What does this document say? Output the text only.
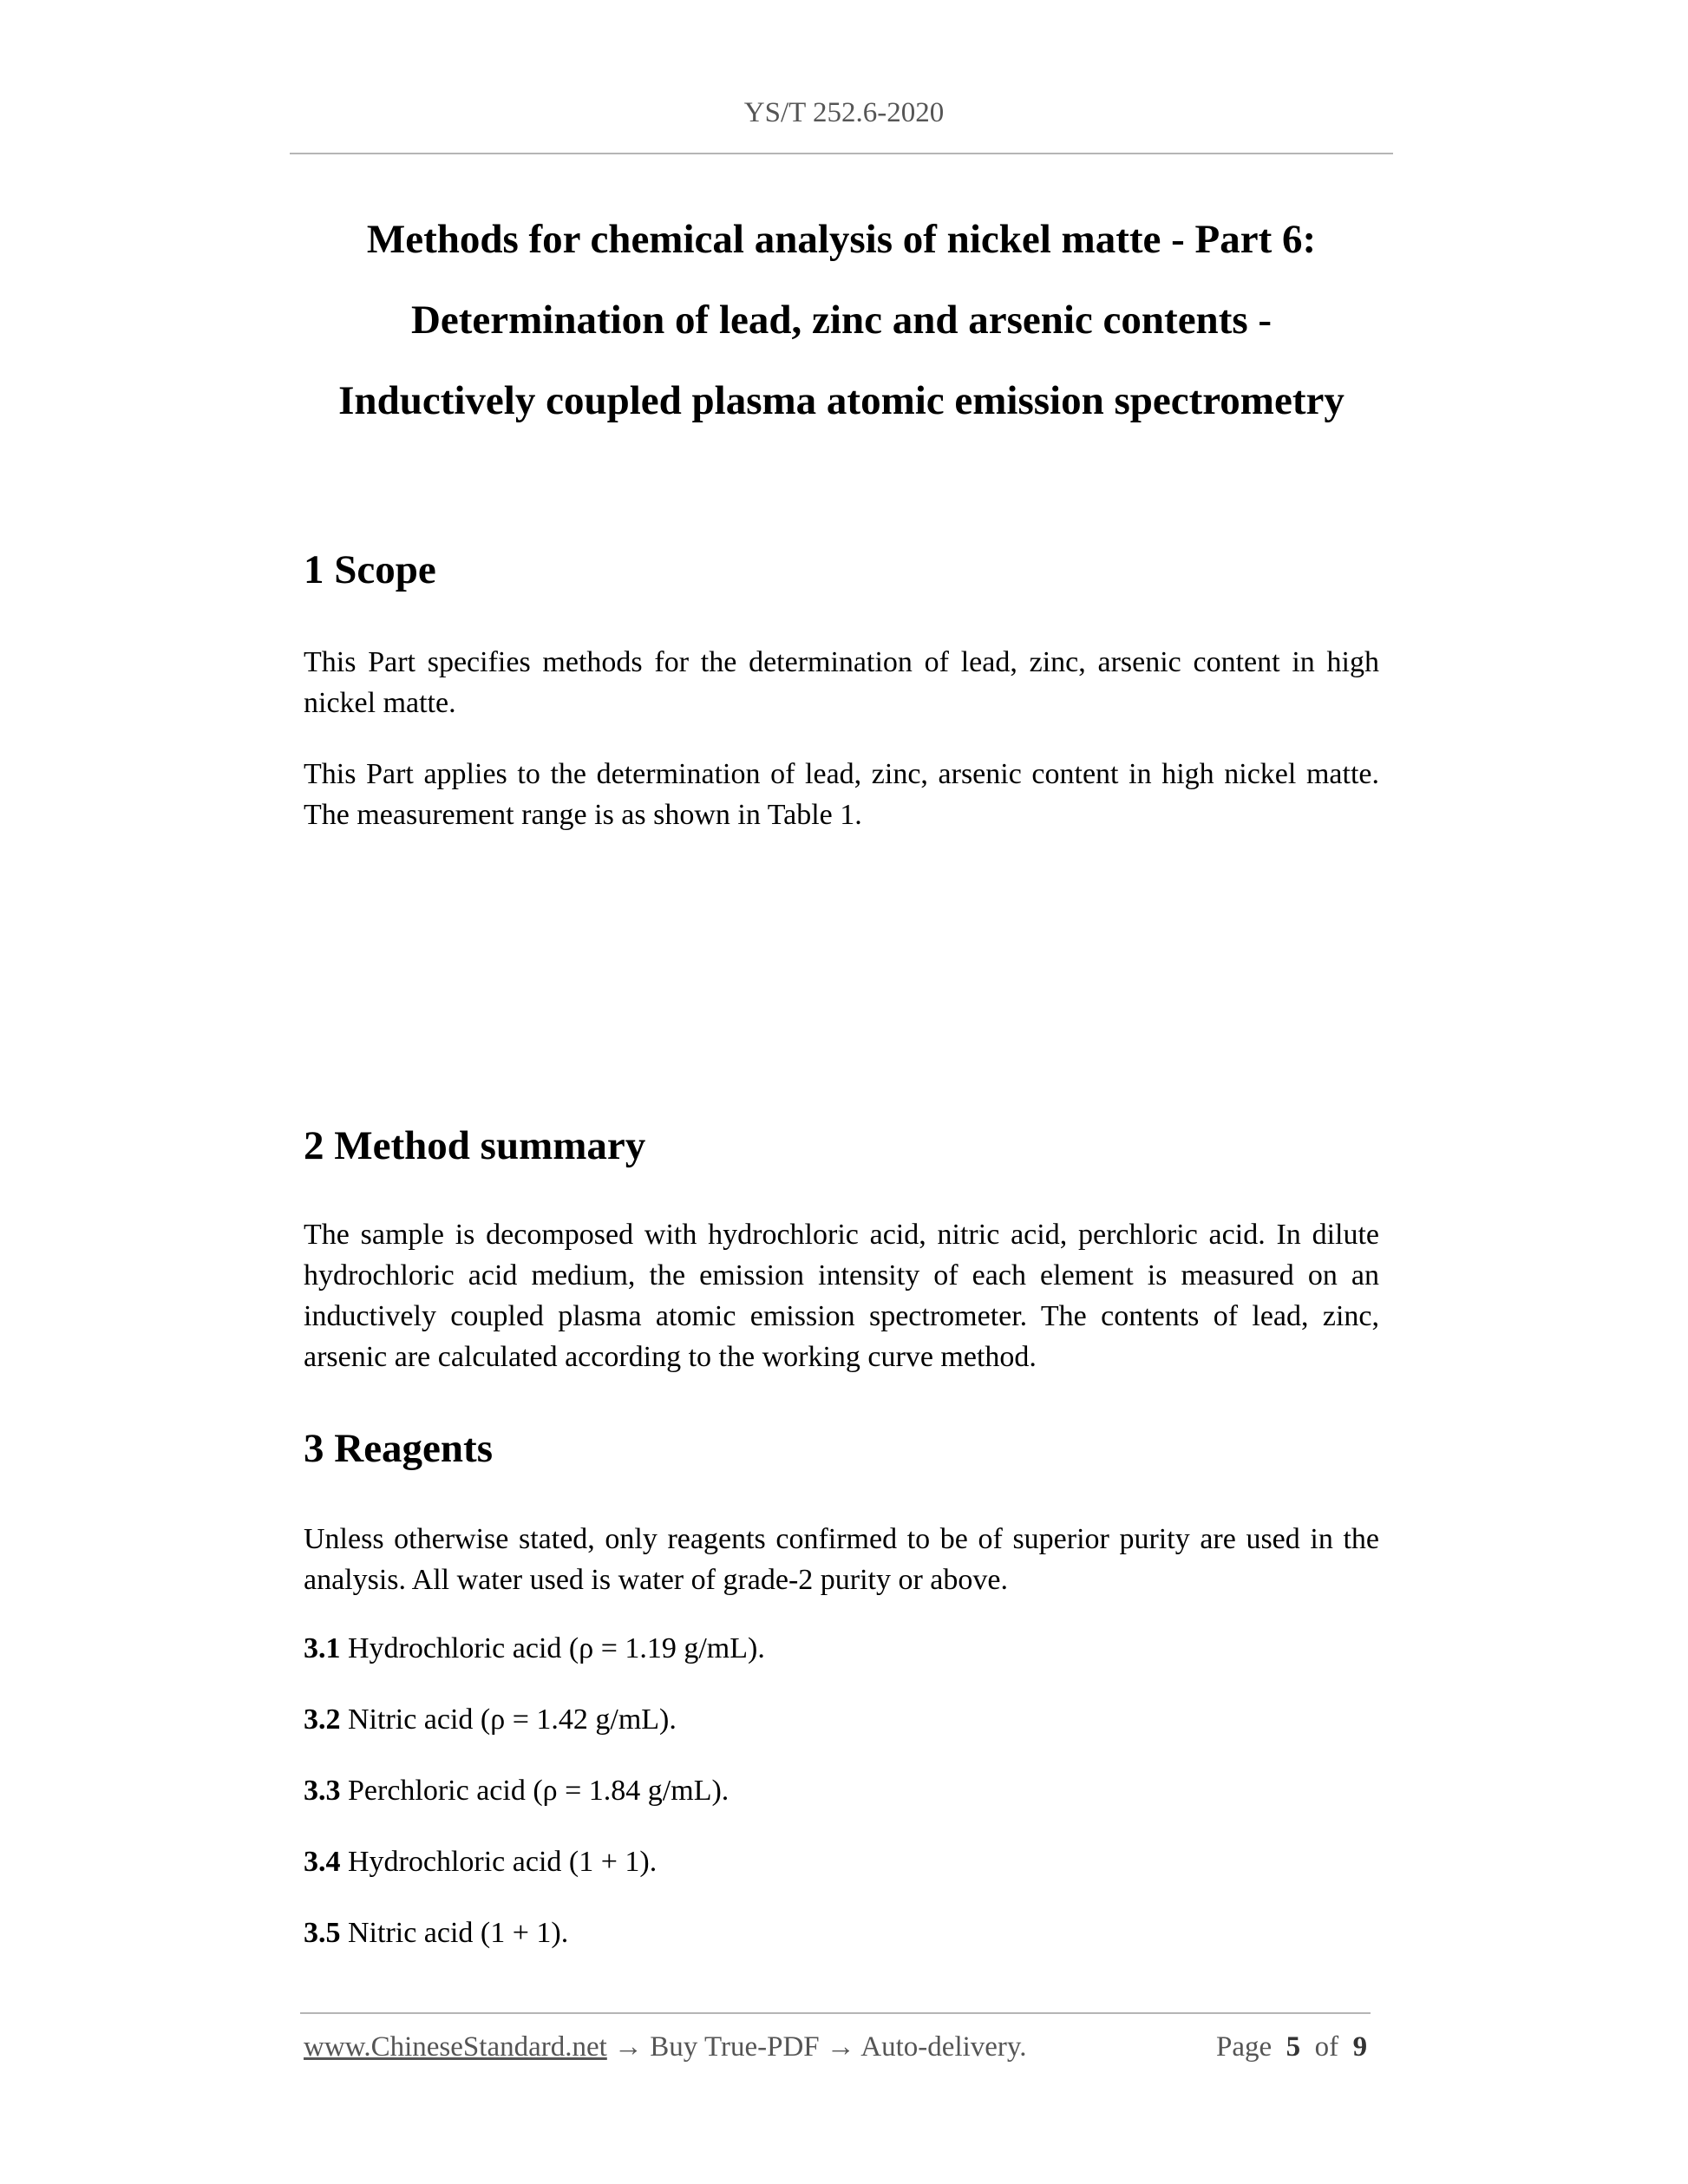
YS/T 252.6-2020
Methods for chemical analysis of nickel matte - Part 6:
Determination of lead, zinc and arsenic contents -
Inductively coupled plasma atomic emission spectrometry
1 Scope
This Part specifies methods for the determination of lead, zinc, arsenic content in high nickel matte.
This Part applies to the determination of lead, zinc, arsenic content in high nickel matte. The measurement range is as shown in Table 1.
2 Method summary
The sample is decomposed with hydrochloric acid, nitric acid, perchloric acid. In dilute hydrochloric acid medium, the emission intensity of each element is measured on an inductively coupled plasma atomic emission spectrometer. The contents of lead, zinc, arsenic are calculated according to the working curve method.
3 Reagents
Unless otherwise stated, only reagents confirmed to be of superior purity are used in the analysis. All water used is water of grade-2 purity or above.
3.1 Hydrochloric acid (ρ = 1.19 g/mL).
3.2 Nitric acid (ρ = 1.42 g/mL).
3.3 Perchloric acid (ρ = 1.84 g/mL).
3.4 Hydrochloric acid (1 + 1).
3.5 Nitric acid (1 + 1).
www.ChineseStandard.net → Buy True-PDF → Auto-delivery.	Page 5 of 9
